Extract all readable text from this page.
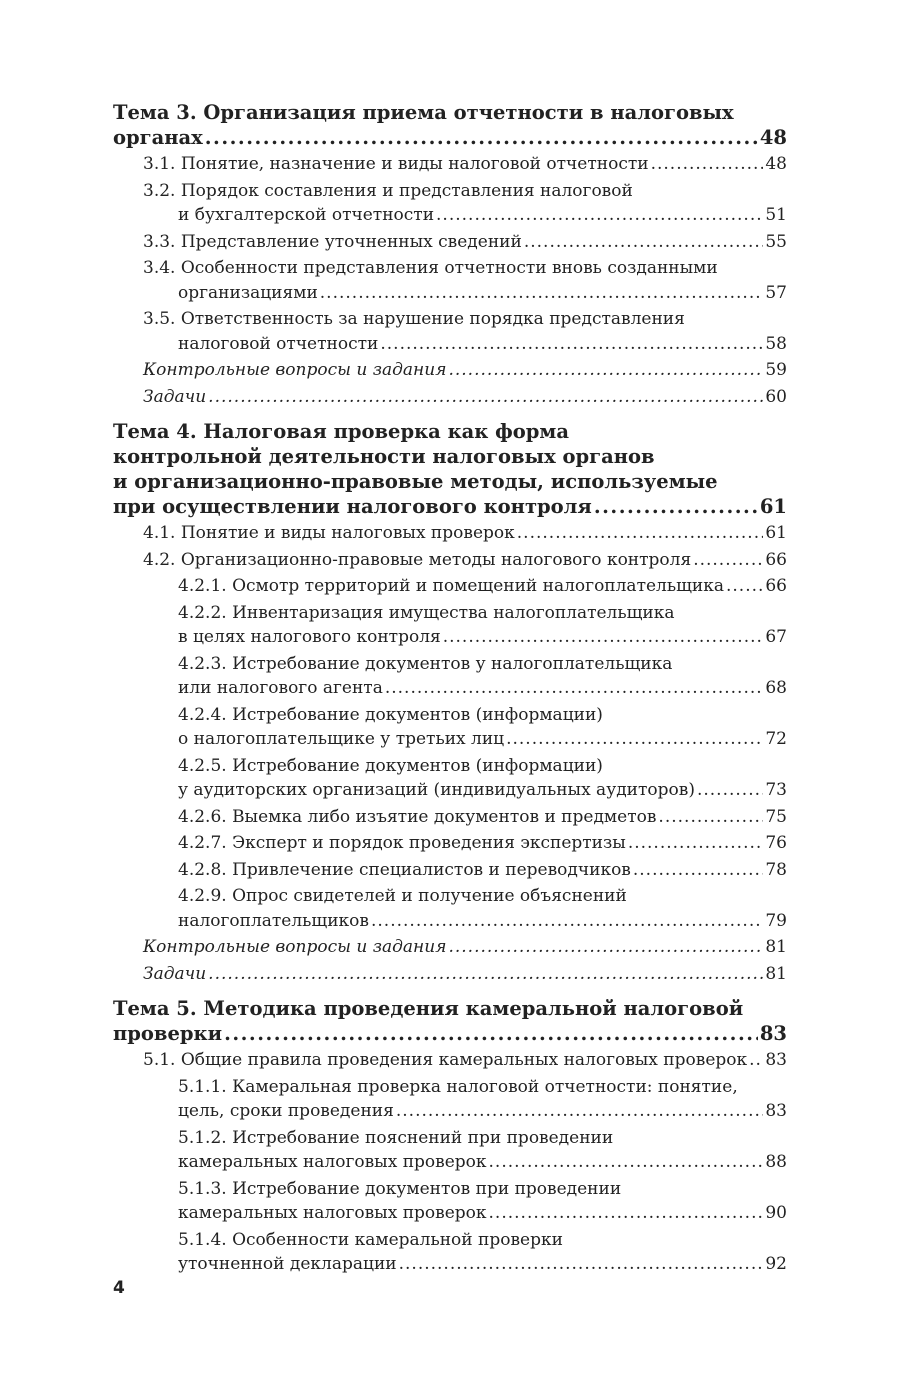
Тема 3. Организация приема отчетности в налоговых
органах .....	48
3.1. Понятие, назначение и виды налоговой отчетности .....	48
3.2. Порядок составления и представления налоговой
и бухгалтерской отчетности .....	51
3.3. Представление уточненных сведений .....	55
3.4. Особенности представления отчетности вновь созданными
организациями .....	57
3.5. Ответственность за нарушение порядка представления
налоговой отчетности .....	58
Контрольные вопросы и задания .....	59
Задачи .....	60
Тема 4. Налоговая проверка как форма
контрольной деятельности налоговых органов
и организационно-правовые методы, используемые
при осуществлении налогового контроля .....	61
4.1. Понятие и виды налоговых проверок .....	61
4.2. Организационно-правовые методы налогового контроля .....	66
4.2.1. Осмотр территорий и помещений налогоплательщика ..... 66
4.2.2. Инвентаризация имущества налогоплательщика
в целях налогового контроля .....	67
4.2.3. Истребование документов у налогоплательщика
или налогового агента .....	68
4.2.4. Истребование документов (информации)
о налогоплательщике у третьих лиц .....	72
4.2.5. Истребование документов (информации)
у аудиторских организаций (индивидуальных аудиторов) .....	73
4.2.6. Выемка либо изъятие документов и предметов .....	75
4.2.7. Эксперт и порядок проведения экспертизы .....	76
4.2.8. Привлечение специалистов и переводчиков .....	78
4.2.9. Опрос свидетелей и получение объяснений
налогоплательщиков .....	79
Контрольные вопросы и задания .....	81
Задачи .....	81
Тема 5. Методика проведения камеральной налоговой
проверки .....	83
5.1. Общие правила проведения камеральных налоговых проверок ..... 83
5.1.1. Камеральная проверка налоговой отчетности: понятие,
цель, сроки проведения .....	83
5.1.2. Истребование пояснений при проведении
камеральных налоговых проверок .....	88
5.1.3. Истребование документов при проведении
камеральных налоговых проверок .....	90
5.1.4. Особенности камеральной проверки
уточненной декларации .....	92
4
